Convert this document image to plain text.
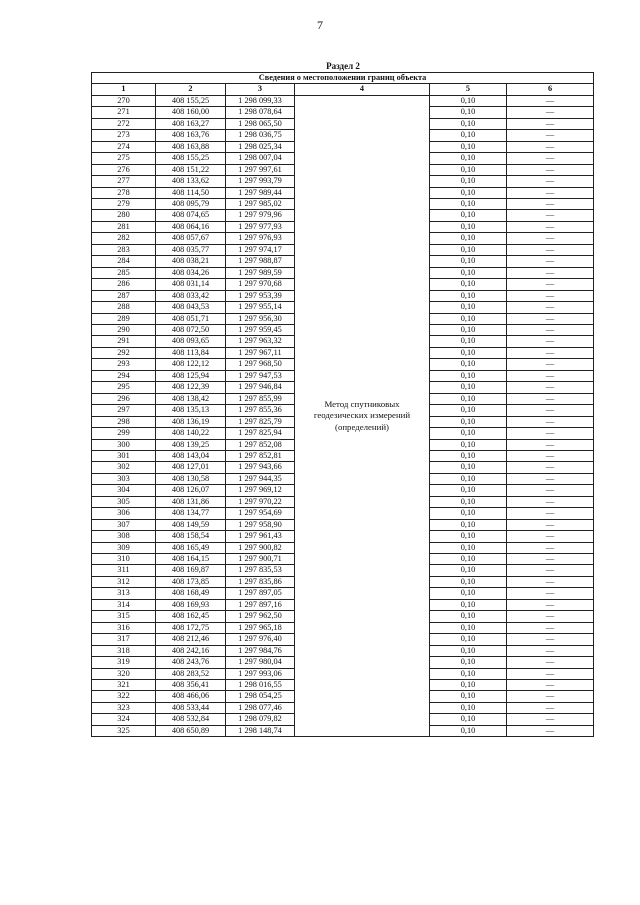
7
Раздел 2
Сведения о местоположении границ объекта					
1	2	3	4	5	6
270	408 155,25	1 298 099,33	Метод спутниковых геодезических измерений (определений)	0,10	—
271	408 160,00	1 298 078,64		0,10	—
272	408 163,27	1 298 065,50		0,10	—
273	408 163,76	1 298 036,75		0,10	—
274	408 163,88	1 298 025,34		0,10	—
275	408 155,25	1 298 007,04		0,10	—
276	408 151,22	1 297 997,61		0,10	—
277	408 133,62	1 297 993,79		0,10	—
278	408 114,50	1 297 989,44		0,10	—
279	408 095,79	1 297 985,02		0,10	—
280	408 074,65	1 297 979,96		0,10	—
281	408 064,16	1 297 977,93		0,10	—
282	408 057,67	1 297 976,93		0,10	—
283	408 035,77	1 297 974,17		0,10	—
284	408 038,21	1 297 988,87		0,10	—
285	408 034,26	1 297 989,59		0,10	—
286	408 031,14	1 297 970,68		0,10	—
287	408 033,42	1 297 953,39		0,10	—
288	408 043,53	1 297 955,14		0,10	—
289	408 051,71	1 297 956,30		0,10	—
290	408 072,50	1 297 959,45		0,10	—
291	408 093,65	1 297 963,32		0,10	—
292	408 113,84	1 297 967,11		0,10	—
293	408 122,12	1 297 968,50		0,10	—
294	408 125,94	1 297 947,53		0,10	—
295	408 122,39	1 297 946,84		0,10	—
296	408 138,42	1 297 855,99		0,10	—
297	408 135,13	1 297 855,36		0,10	—
298	408 136,19	1 297 825,79		0,10	—
299	408 140,22	1 297 825,94		0,10	—
300	408 139,25	1 297 852,08		0,10	—
301	408 143,04	1 297 852,81		0,10	—
302	408 127,01	1 297 943,66		0,10	—
303	408 130,58	1 297 944,35		0,10	—
304	408 126,07	1 297 969,12		0,10	—
305	408 131,86	1 297 970,22		0,10	—
306	408 134,77	1 297 954,69		0,10	—
307	408 149,59	1 297 958,90		0,10	—
308	408 158,54	1 297 961,43		0,10	—
309	408 165,49	1 297 900,82		0,10	—
310	408 164,15	1 297 900,71		0,10	—
311	408 169,87	1 297 835,53		0,10	—
312	408 173,85	1 297 835,86		0,10	—
313	408 168,49	1 297 897,05		0,10	—
314	408 169,93	1 297 897,16		0,10	—
315	408 162,45	1 297 962,50		0,10	—
316	408 172,75	1 297 965,18		0,10	—
317	408 212,46	1 297 976,40		0,10	—
318	408 242,16	1 297 984,76		0,10	—
319	408 243,76	1 297 980,04		0,10	—
320	408 283,52	1 297 993,06		0,10	—
321	408 356,41	1 298 016,55		0,10	—
322	408 466,06	1 298 054,25		0,10	—
323	408 533,44	1 298 077,46		0,10	—
324	408 532,84	1 298 079,82		0,10	—
325	408 650,89	1 298 148,74		0,10	—
